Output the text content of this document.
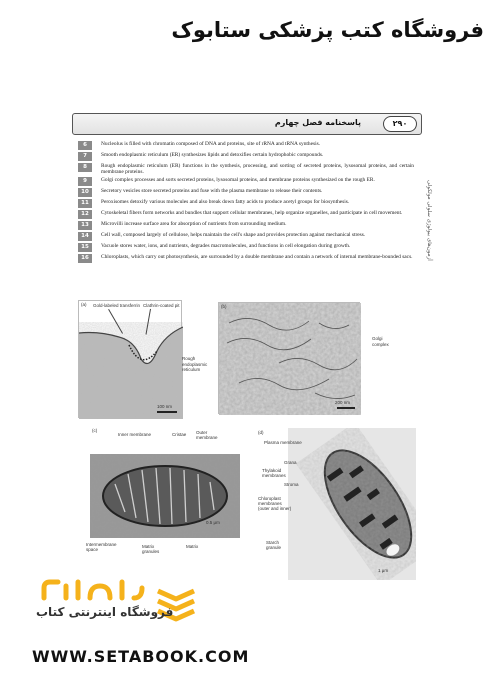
فروشگاه کتب پزشکی ستابوک
پاسخنامه فصل چهارم	۲۹۰
آزمون‌های بیولوژی سلولی مولکولی
6	Nucleolus is filled with chromatin composed of DNA and proteins, site of rRNA and tRNA synthesis.
7	Smooth endoplasmic reticulum (ER) synthesizes lipids and detoxifies certain hydrophobic compounds.
8	Rough endoplasmic reticulum (ER) functions in the synthesis, processing, and sorting of secreted proteins, lysosomal proteins, and certain membrane proteins.
9	Golgi complex processes and sorts secreted proteins, lysosomal proteins, and membrane proteins synthesized on the rough ER.
10	Secretory vesicles store secreted proteins and fuse with the plasma membrane to release their contents.
11	Peroxisomes detoxify various molecules and also break down fatty acids to produce acetyl groups for biosynthesis.
12	Cytoskeletal fibers form networks and bundles that support cellular membranes, help organize organelles, and participate in cell movement.
13	Microvilli increase surface area for absorption of nutrients from surrounding medium.
14	Cell wall, composed largely of cellulose, helps maintain the cell's shape and provides protection against mechanical stress.
15	Vacuole stores water, ions, and nutrients, degrades macromolecules, and functions in cell elongation during growth.
16	Chloroplasts, which carry out photosynthesis, are surrounded by a double membrane and contain a network of internal membrane-bounded sacs.
(a) Gold-labeled transferrin Clathrin-coated pit
100 nm
(b)
200 nm
Rough endoplasmic reticulum
Golgi complex
(c)
Inner membrane	Cristae Outer membrane
Intermembrane space
Matrix granules
Matrix
0.5 μm
(d)
Plasma membrane
Grana
Thylakoid membranes
Stroma
Chloroplast membranes (outer and inner)
Starch granule
1 μm
فروشگاه اینترنتی کتاب
WWW.SETABOOK.COM
